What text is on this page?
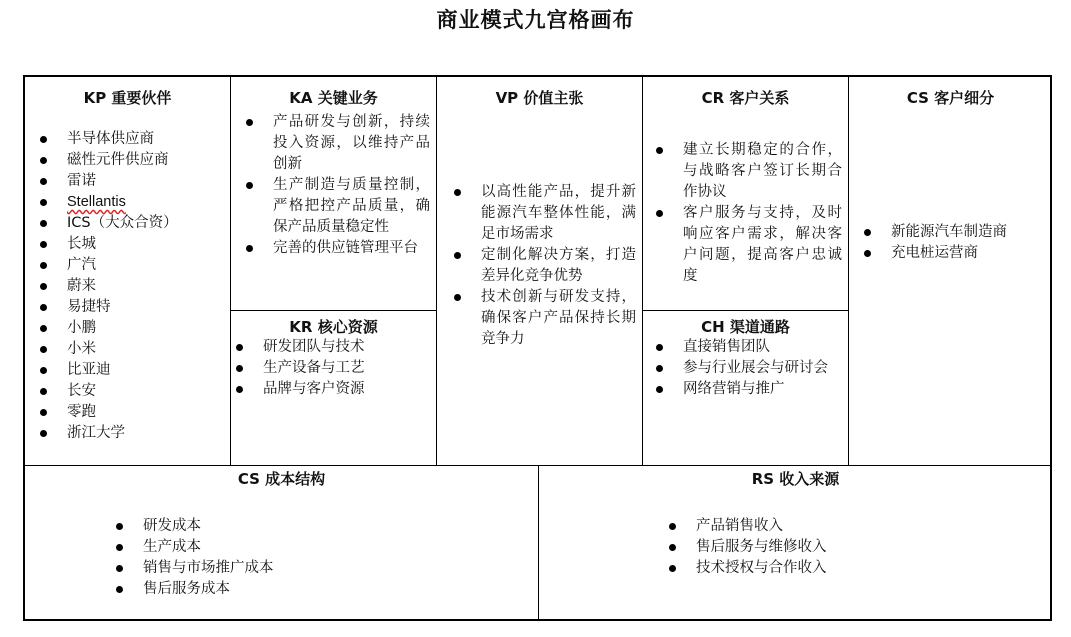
商业模式九宫格画布
KP 重要伙伴
半导体供应商
磁性元件供应商
雷诺
Stellantis
ICS（大众合资）
长城
广汽
蔚来
易捷特
小鹏
小米
比亚迪
长安
零跑
浙江大学
KA 关键业务
产品研发与创新，持续投入资源，以维持产品创新
生产制造与质量控制，严格把控产品质量，确保产品质量稳定性
完善的供应链管理平台
KR 核心资源
研发团队与技术
生产设备与工艺
品牌与客户资源
VP 价值主张
以高性能产品，提升新能源汽车整体性能，满足市场需求
定制化解决方案，打造差异化竞争优势
技术创新与研发支持，确保客户产品保持长期竞争力
CR 客户关系
建立长期稳定的合作，与战略客户签订长期合作协议
客户服务与支持，及时响应客户需求，解决客户问题，提高客户忠诚度
CH 渠道通路
直接销售团队
参与行业展会与研讨会
网络营销与推广
CS 客户细分
新能源汽车制造商
充电桩运营商
CS 成本结构
研发成本
生产成本
销售与市场推广成本
售后服务成本
RS 收入来源
产品销售收入
售后服务与维修收入
技术授权与合作收入
